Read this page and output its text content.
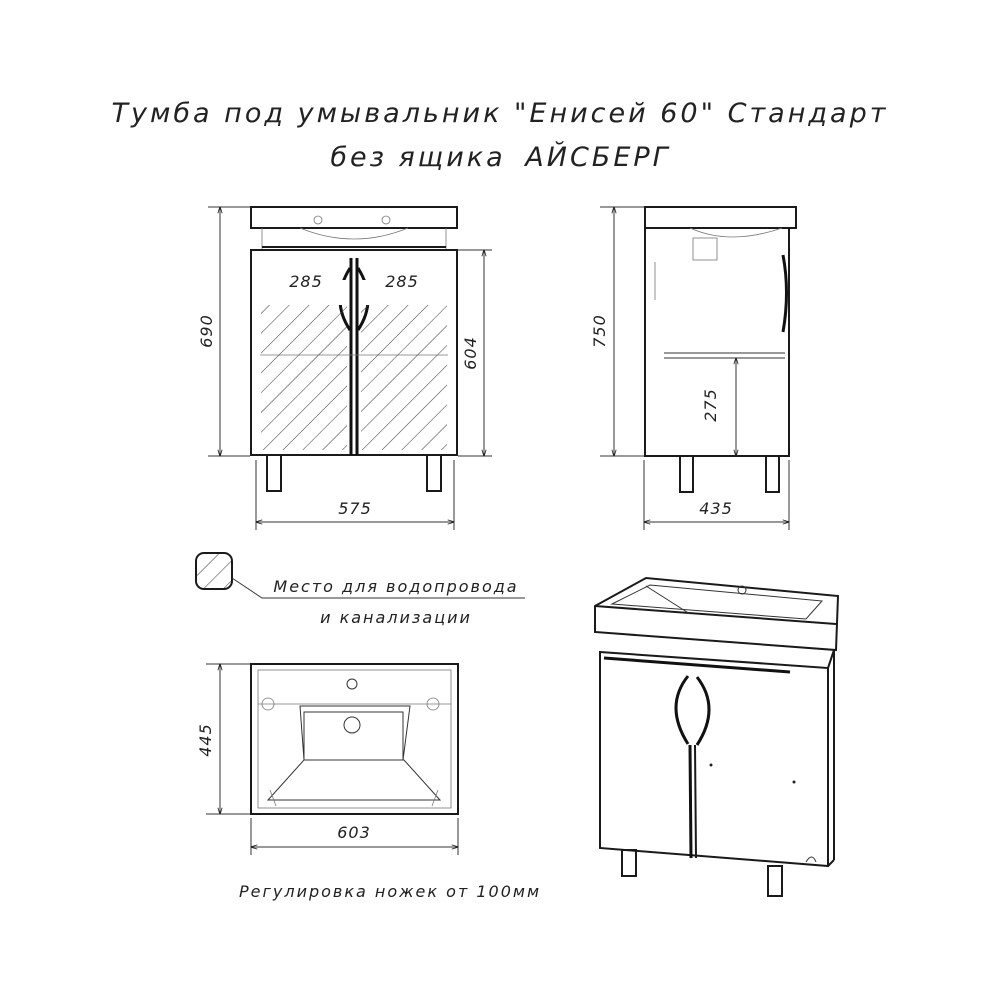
Тумба под умывальник "Енисей 60" Стандарт
без ящика АЙСБЕРГ
285	285
690
604
575
750
275
435
Место для водопровода
и канализации
445
603
Регулировка ножек от 100мм
